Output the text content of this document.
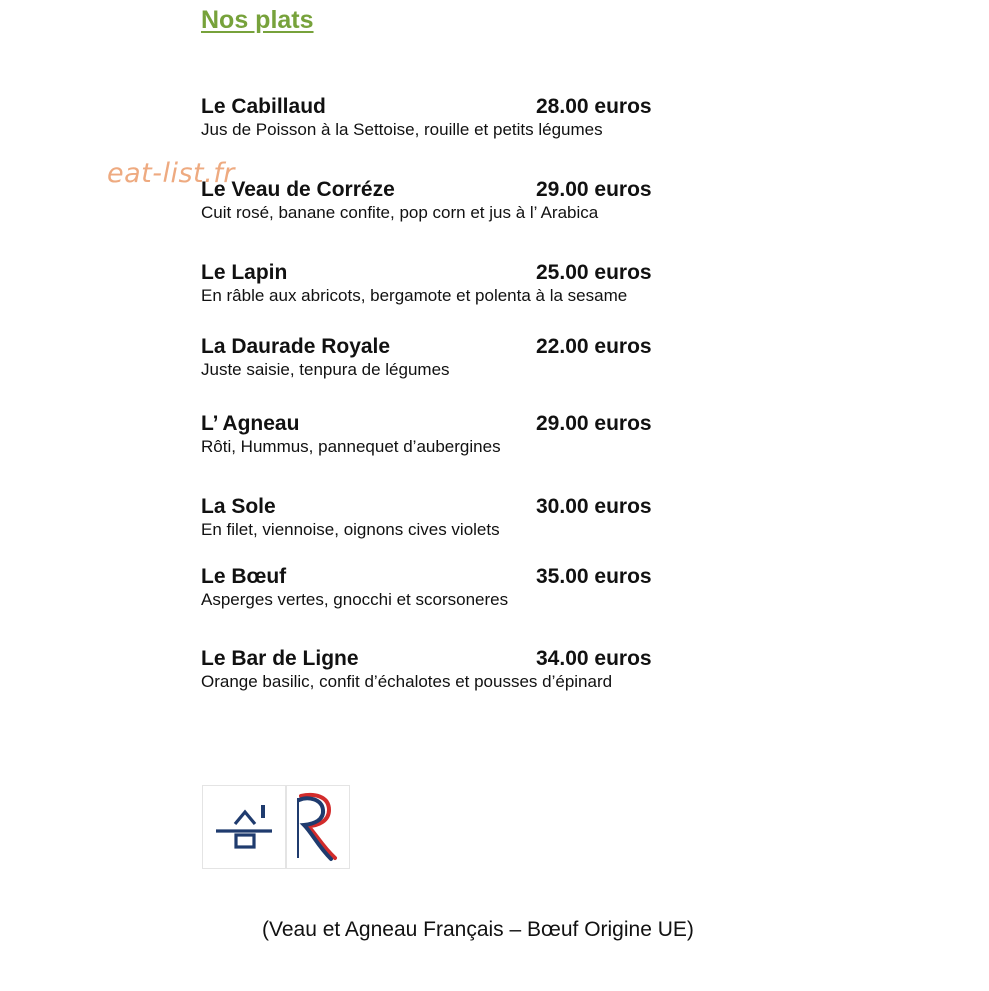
Nos plats
eat-list.fr
Le Cabillaud	28.00 euros
Jus de Poisson à la Settoise, rouille et petits légumes
Le Veau de Corréze	29.00 euros
Cuit rosé, banane confite, pop corn et jus à l’ Arabica
Le Lapin	25.00 euros
En râble aux abricots, bergamote et polenta à la sesame
La Daurade Royale	22.00 euros
Juste saisie, tenpura de légumes
L’ Agneau	29.00 euros
Rôti, Hummus, pannequet d’aubergines
La Sole	30.00 euros
En filet, viennoise, oignons cives violets
Le Bœuf	35.00 euros
Asperges vertes, gnocchi et scorsoneres
Le Bar de Ligne	34.00 euros
Orange basilic, confit d’échalotes et pousses d’épinard
(Veau et Agneau Français – Bœuf Origine UE)
